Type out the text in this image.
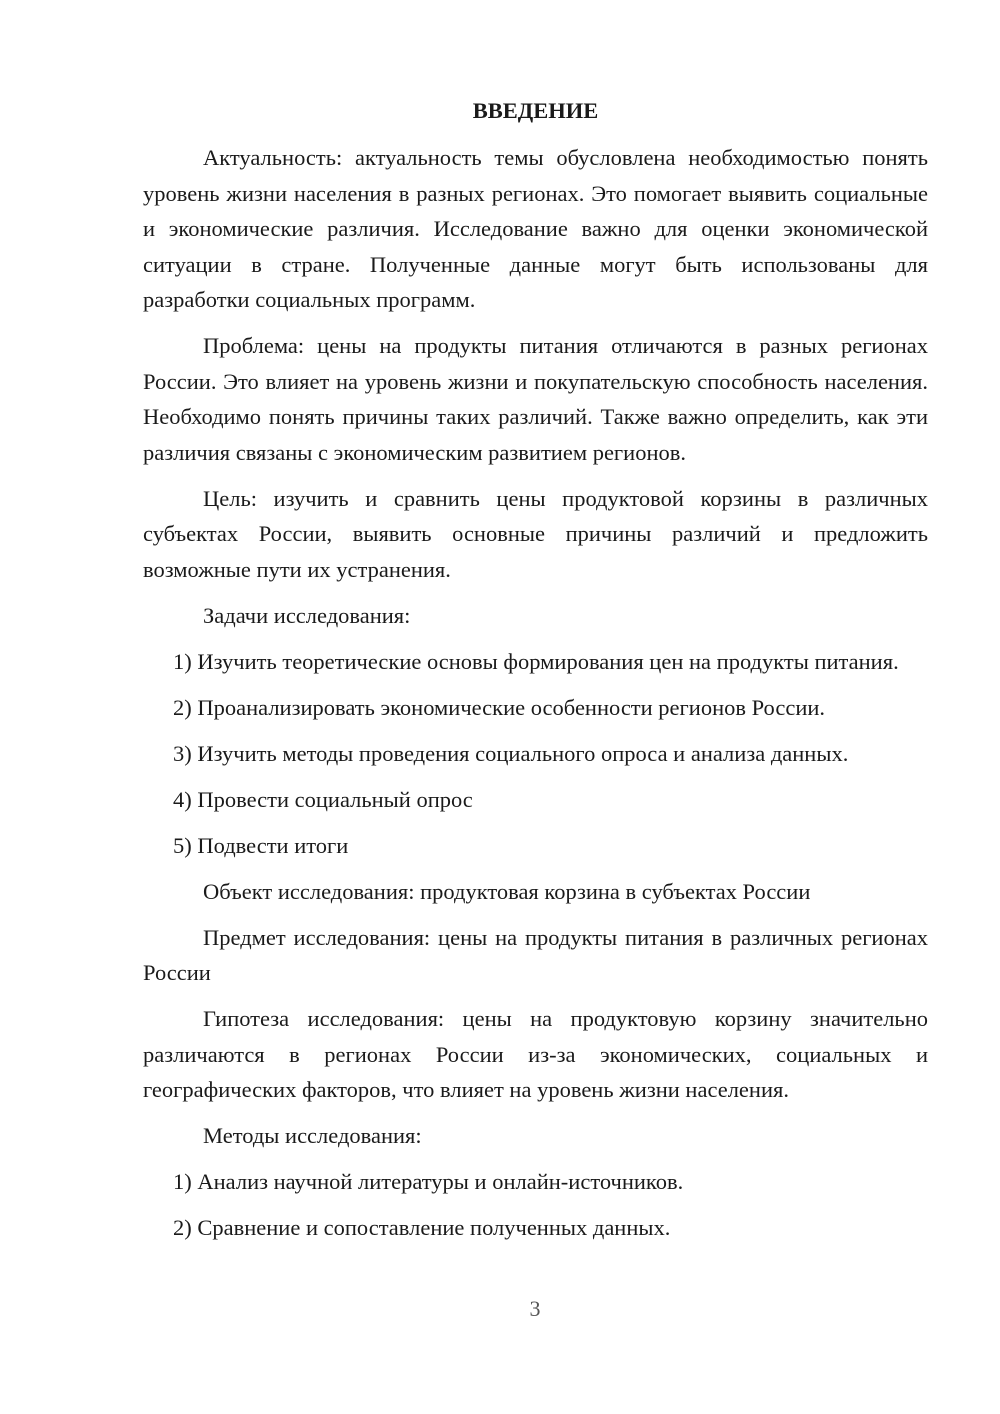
ВВЕДЕНИЕ

Актуальность: актуальность темы обусловлена необходимостью понять уровень жизни населения в разных регионах. Это помогает выявить социальные и экономические различия. Исследование важно для оценки экономической ситуации в стране. Полученные данные могут быть использованы для разработки социальных программ.

Проблема: цены на продукты питания отличаются в разных регионах России. Это влияет на уровень жизни и покупательскую способность населения. Необходимо понять причины таких различий. Также важно определить, как эти различия связаны с экономическим развитием регионов.

Цель: изучить и сравнить цены продуктовой корзины в различных субъектах России, выявить основные причины различий и предложить возможные пути их устранения.

Задачи исследования:

1) Изучить теоретические основы формирования цен на продукты питания.

2) Проанализировать экономические особенности регионов России.

3) Изучить методы проведения социального опроса и анализа данных.

4) Провести социальный опрос

5) Подвести итоги

Объект исследования: продуктовая корзина в субъектах России

Предмет исследования: цены на продукты питания в различных регионах России

Гипотеза исследования: цены на продуктовую корзину значительно различаются в регионах России из-за экономических, социальных и географических факторов, что влияет на уровень жизни населения.

Методы исследования:

1) Анализ научной литературы и онлайн-источников.

2) Сравнение и сопоставление полученных данных.

3
